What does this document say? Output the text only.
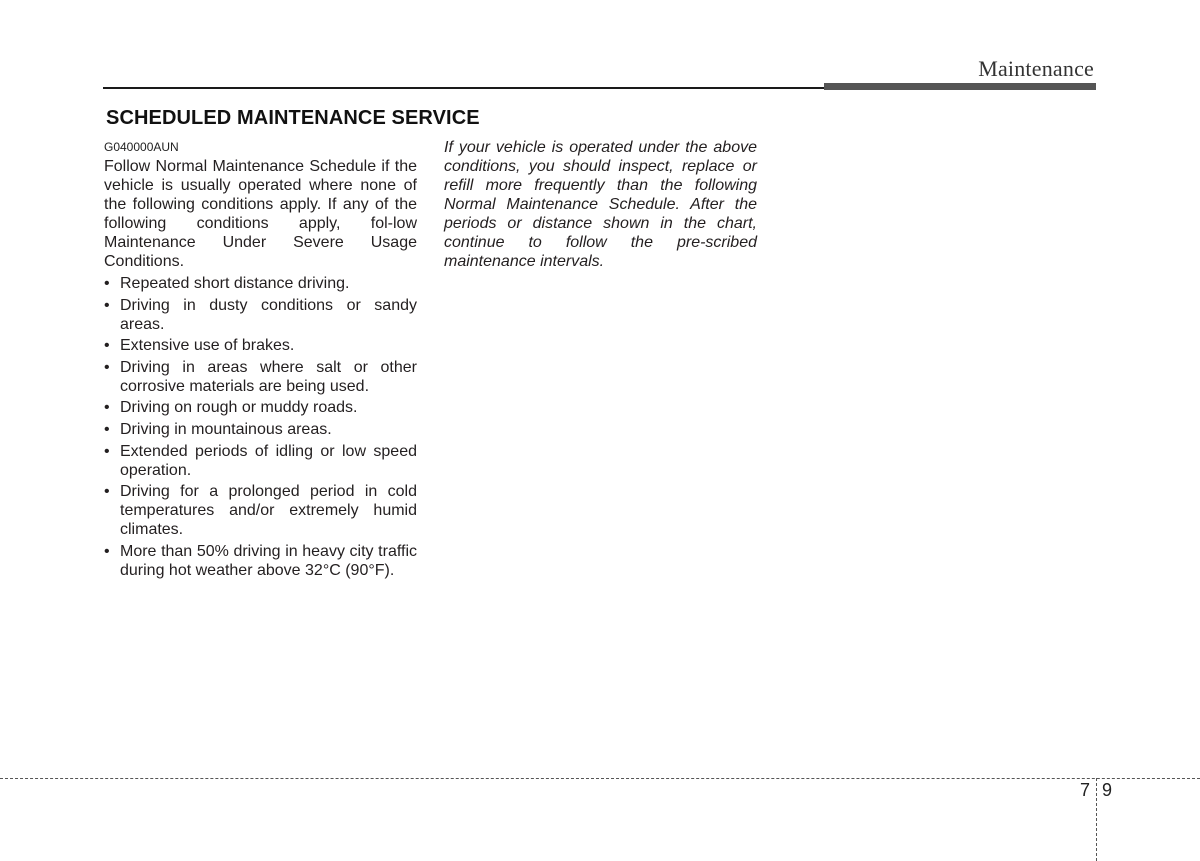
Maintenance
SCHEDULED MAINTENANCE SERVICE
G040000AUN

Follow Normal Maintenance Schedule if the vehicle is usually operated where none of the following conditions apply. If any of the following conditions apply, fol-low Maintenance Under Severe Usage Conditions.

• Repeated short distance driving.
• Driving in dusty conditions or sandy areas.
• Extensive use of brakes.
• Driving in areas where salt or other corrosive materials are being used.
• Driving on rough or muddy roads.
• Driving in mountainous areas.
• Extended periods of idling or low speed operation.
• Driving for a prolonged period in cold temperatures and/or extremely humid climates.
• More than 50% driving in heavy city traffic during hot weather above 32°C (90°F).

If your vehicle is operated under the above conditions, you should inspect, replace or refill more frequently than the following Normal Maintenance Schedule. After the periods or distance shown in the chart, continue to follow the pre-scribed maintenance intervals.

7 9
